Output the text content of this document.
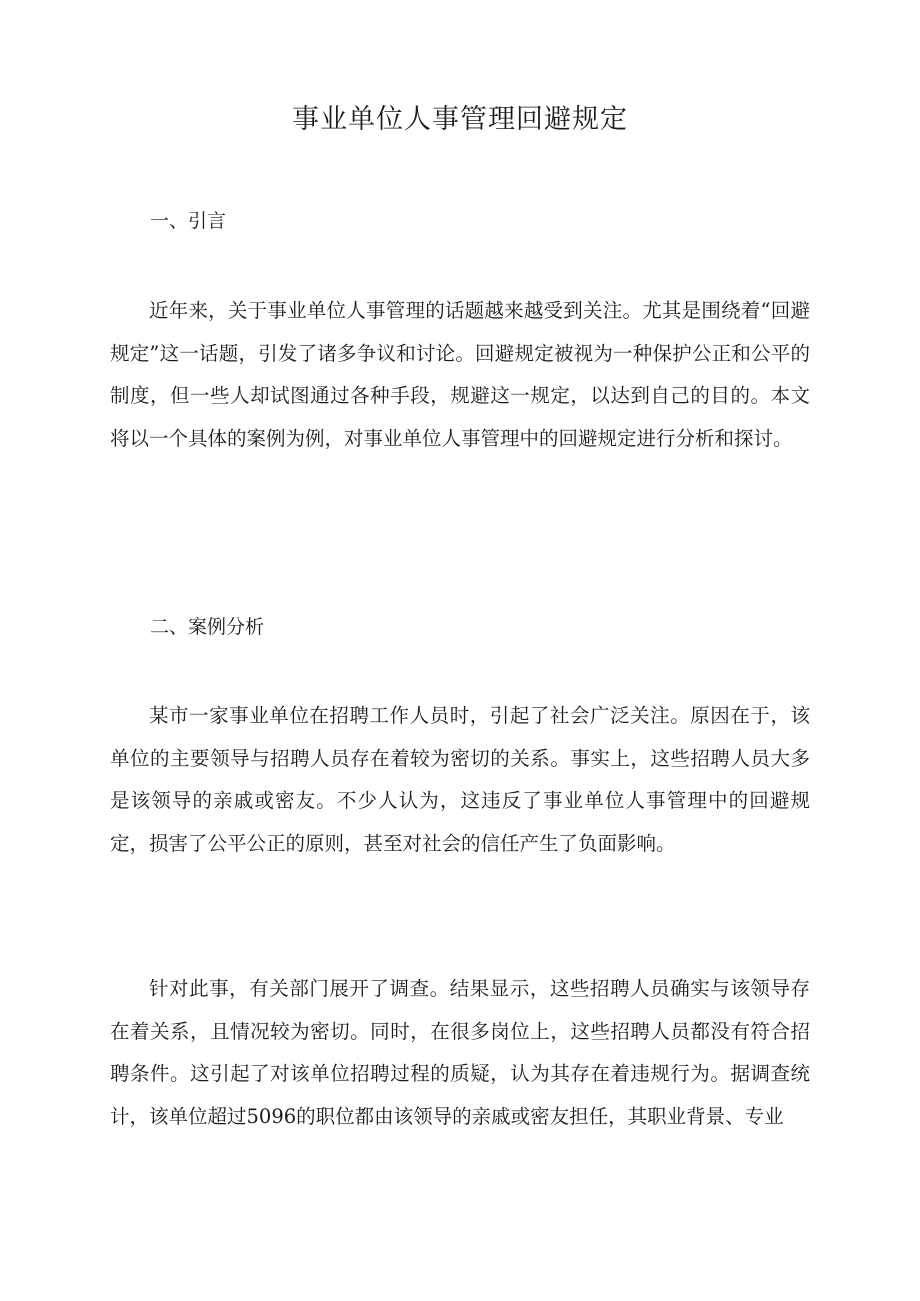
事业单位人事管理回避规定
一、引言

近年来，关于事业单位人事管理的话题越来越受到关注。尤其是围绕着“回避规定”这一话题，引发了诸多争议和讨论。回避规定被视为一种保护公正和公平的制度，但一些人却试图通过各种手段，规避这一规定，以达到自己的目的。本文将以一个具体的案例为例，对事业单位人事管理中的回避规定进行分析和探讨。

二、案例分析

某市一家事业单位在招聘工作人员时，引起了社会广泛关注。原因在于，该单位的主要领导与招聘人员存在着较为密切的关系。事实上，这些招聘人员大多是该领导的亲戚或密友。不少人认为，这违反了事业单位人事管理中的回避规定，损害了公平公正的原则，甚至对社会的信任产生了负面影响。

针对此事，有关部门展开了调查。结果显示，这些招聘人员确实与该领导存在着关系，且情况较为密切。同时，在很多岗位上，这些招聘人员都没有符合招聘条件。这引起了对该单位招聘过程的质疑，认为其存在着违规行为。据调查统计，该单位超过5096的职位都由该领导的亲戚或密友担任，其职业背景、专业
